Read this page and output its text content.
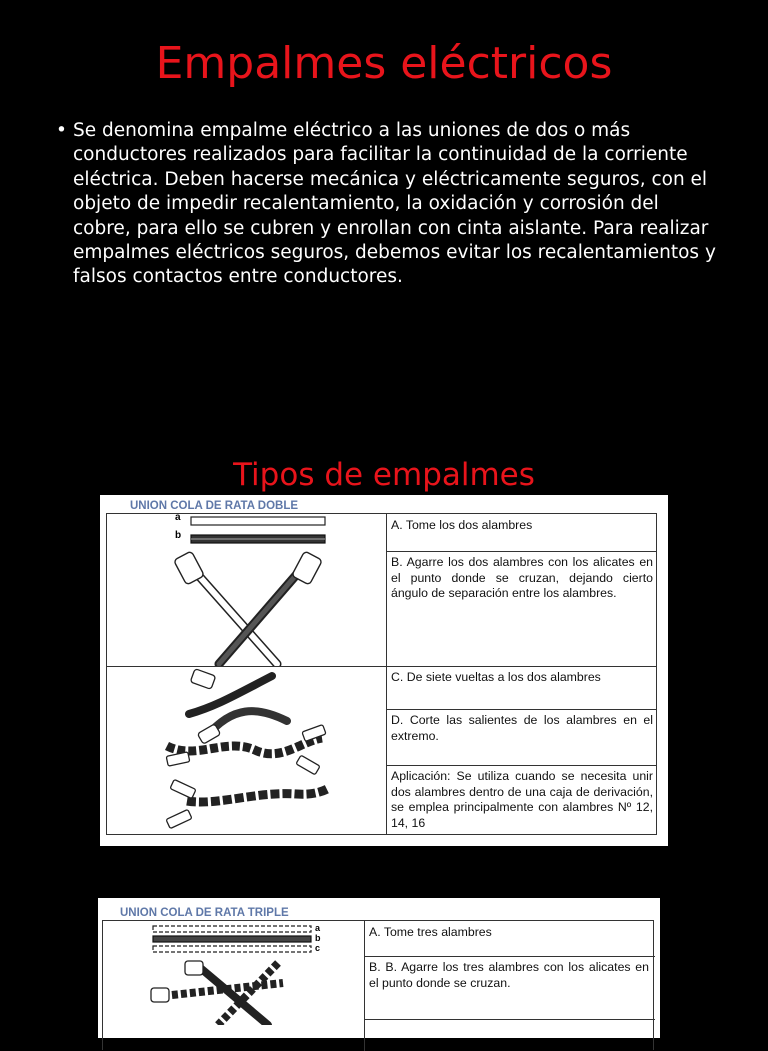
Empalmes eléctricos
• Se denomina empalme eléctrico a las uniones de dos o más conductores realizados para facilitar la continuidad de la corriente eléctrica. Deben hacerse mecánica y eléctricamente seguros, con el objeto de impedir recalentamiento, la oxidación y corrosión del cobre, para ello se cubren y enrollan con cinta aislante. Para realizar empalmes eléctricos seguros, debemos evitar los recalentamientos y falsos contactos entre conductores.
Tipos de empalmes
UNION COLA DE RATA DOBLE
A. Tome los dos alambres
B. Agarre los dos alambres con los alicates en el punto donde se cruzan, dejando cierto ángulo de separación entre los alambres.
C. De siete vueltas a los dos alambres
D. Corte las salientes de los alambres en el extremo.
Aplicación: Se utiliza cuando se necesita unir dos alambres dentro de una caja de derivación, se emplea principalmente con alambres Nº 12, 14, 16
a
b
UNION COLA DE RATA TRIPLE
A. Tome tres alambres
B. B. Agarre los tres alambres con los alicates en el punto donde se cruzan.
a
b
c
